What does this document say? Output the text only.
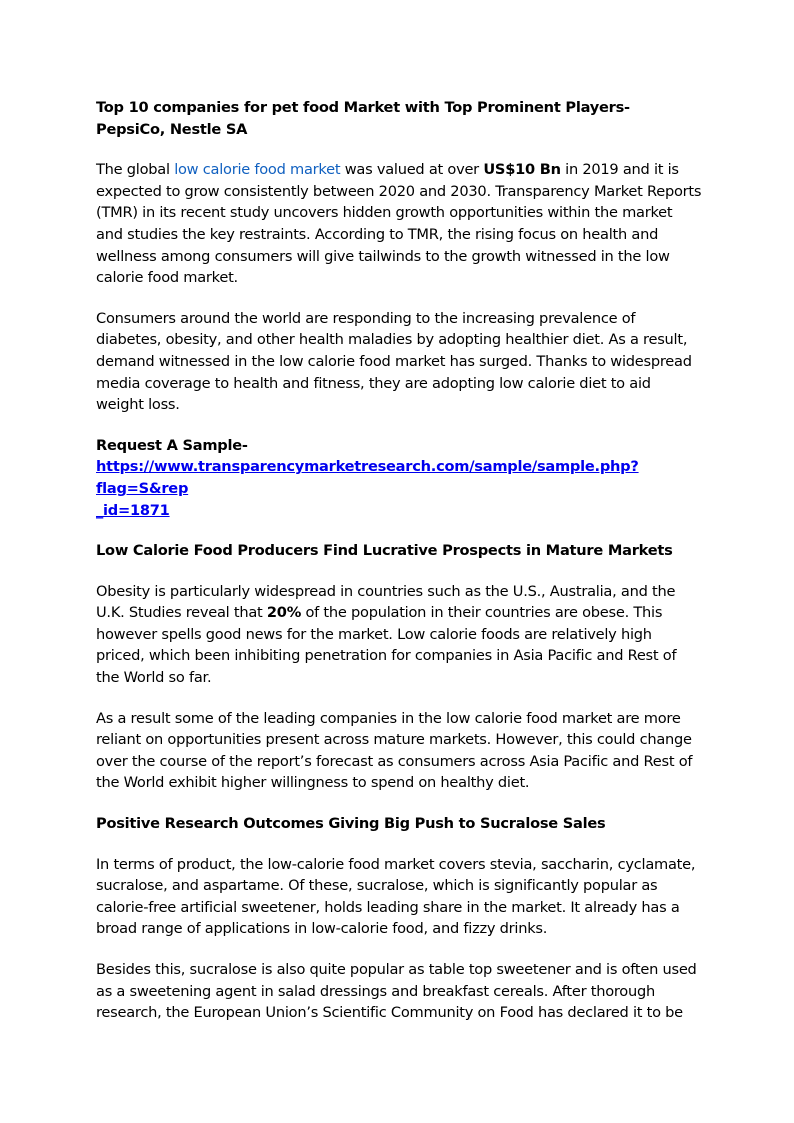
Top 10 companies for pet food Market with Top Prominent Players- PepsiCo, Nestle SA

The global low calorie food market was valued at over US$10 Bn in 2019 and it is expected to grow consistently between 2020 and 2030. Transparency Market Reports (TMR) in its recent study uncovers hidden growth opportunities within the market and studies the key restraints. According to TMR, the rising focus on health and wellness among consumers will give tailwinds to the growth witnessed in the low calorie food market.

Consumers around the world are responding to the increasing prevalence of diabetes, obesity, and other health maladies by adopting healthier diet. As a result, demand witnessed in the low calorie food market has surged. Thanks to widespread media coverage to health and fitness, they are adopting low calorie diet to aid weight loss.

Request A Sample-

https://www.transparencymarketresearch.com/sample/sample.php?flag=S&rep
_id=1871

Low Calorie Food Producers Find Lucrative Prospects in Mature Markets

Obesity is particularly widespread in countries such as the U.S., Australia, and the U.K. Studies reveal that 20% of the population in their countries are obese. This however spells good news for the market. Low calorie foods are relatively high priced, which been inhibiting penetration for companies in Asia Pacific and Rest of the World so far.

As a result some of the leading companies in the low calorie food market are more reliant on opportunities present across mature markets. However, this could change over the course of the report’s forecast as consumers across Asia Pacific and Rest of the World exhibit higher willingness to spend on healthy diet.

Positive Research Outcomes Giving Big Push to Sucralose Sales

In terms of product, the low-calorie food market covers stevia, saccharin, cyclamate, sucralose, and aspartame. Of these, sucralose, which is significantly popular as calorie-free artificial sweetener, holds leading share in the market. It already has a broad range of applications in low-calorie food, and fizzy drinks.

Besides this, sucralose is also quite popular as table top sweetener and is often used as a sweetening agent in salad dressings and breakfast cereals. After thorough research, the European Union’s Scientific Community on Food has declared it to be
